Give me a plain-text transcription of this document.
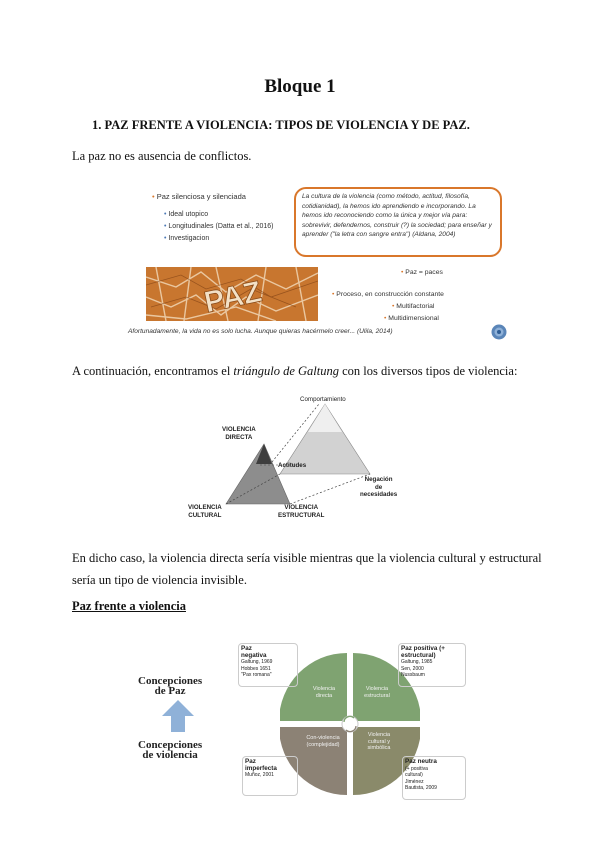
Bloque 1
1. PAZ FRENTE A VIOLENCIA: TIPOS DE VIOLENCIA Y DE PAZ.
La paz no es ausencia de conflictos.
• Paz silenciosa y silenciada
• Ideal utopico
• Longitudinales (Datta et al., 2016)
• Investigacion
La cultura de la violencia (como método, actitud, filosofía, cotidianidad), la hemos ido aprendiendo e incorporando. La hemos ido reconociendo como la única y mejor vía para: sobrevivir, defendernos, construir (?) la sociedad; para enseñar y aprender ("la letra con sangre entra") (Aldana, 2004)
PAZ
• Paz = paces
• Proceso, en construcción constante
• Multifactorial
• Multidimensional
Afortunadamente, la vida no es solo lucha. Aunque quieras hacérmelo creer... (Ulila, 2014)
A continuación, encontramos el triángulo de Galtung con los diversos tipos de violencia:
Comportamiento
VIOLENCIA
DIRECTA
Actitudes
Negación
de
necesidades
VIOLENCIA
CULTURAL
VIOLENCIA
ESTRUCTURAL
En dicho caso, la violencia directa sería visible mientras que la violencia cultural y estructural sería un tipo de violencia invisible.
Paz frente a violencia
Concepciones
de Paz
Concepciones
de violencia
Violencia
directa
Violencia
estructural
Con-violencia
(complejidad)
Violencia
cultural y
simbólica
Paz
negativa
Galtung, 1969
Hobbes 1651
"Pax romana"
Paz positiva (+
estructural)
Galtung, 1985
Sen, 2000
Nussbaum
Paz
imperfecta
Muñoz, 2001
Paz neutra
(+ positiva
cultural)
Jiménez
Bautista, 2009
